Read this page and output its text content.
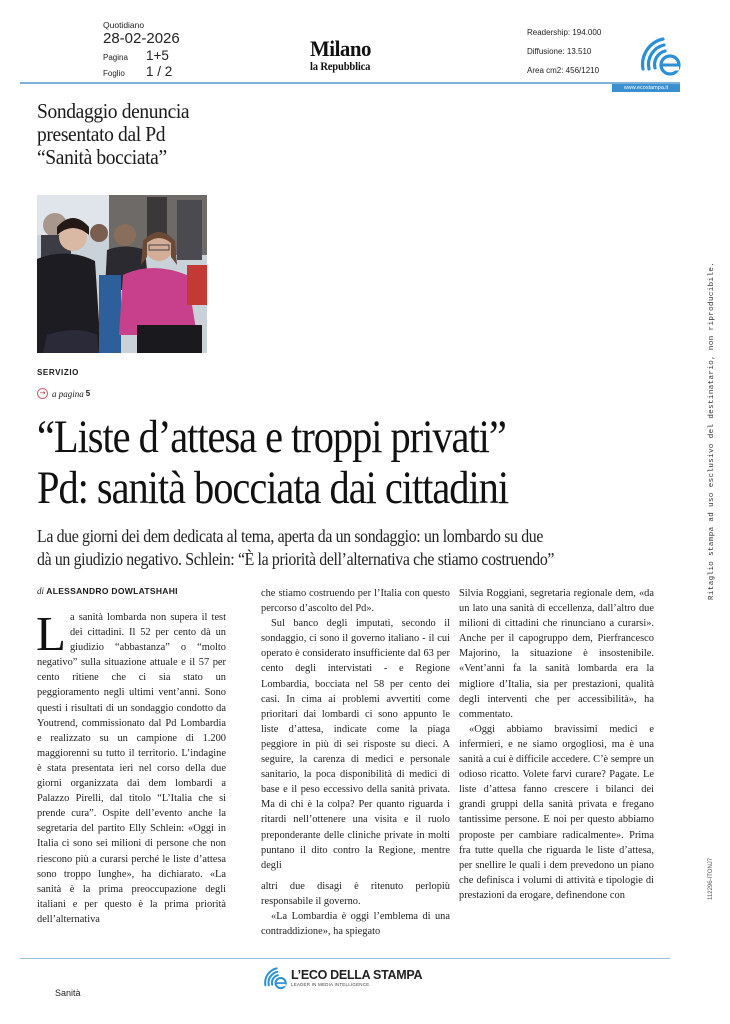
Quotidiano
28-02-2026
Pagina	1+5
Foglio	1 / 2
Milano
la Repubblica
Readership: 194.000
Diffusione: 13.510
Area cm2: 456/1210
www.ecostampa.it
Sondaggio denuncia
presentato dal Pd
“Sanità bocciata”
SERVIZIO
→ a pagina 5
“Liste d’attesa e troppi privati”
Pd: sanità bocciata dai cittadini
La due giorni dei dem dedicata al tema, aperta da un sondaggio: un lombardo su due
dà un giudizio negativo. Schlein: “È la priorità dell’alternativa che stiamo costruendo”
di ALESSANDRO DOWLATSHAHI

La sanità lombarda non supera il test dei cittadini. Il 52 per cento dà un giudizio “abbastanza” o “molto negativo” sulla situazione attuale e il 57 per cento ritiene che ci sia stato un peggioramento negli ultimi vent’anni. Sono questi i risultati di un sondaggio condotto da Youtrend, commissionato dal Pd Lombardia e realizzato su un campione di 1.200 maggiorenni su tutto il territorio. L’indagine è stata presentata ieri nel corso della due giorni organizzata dai dem lombardi a Palazzo Pirelli, dal titolo “L’Italia che si prende cura”. Ospite dell’evento anche la segretaria del partito Elly Schlein: «Oggi in Italia ci sono sei milioni di persone che non riescono più a curarsi perché le liste d’attesa sono troppo lunghe», ha dichiarato. «La sanità è la prima preoccupazione degli italiani e per questo è la prima priorità dell’alternativa

che stiamo costruendo per l’Italia con questo percorso d’ascolto del Pd».

Sul banco degli imputati, secondo il sondaggio, ci sono il governo italiano - il cui operato è considerato insufficiente dal 63 per cento degli intervistati - e Regione Lombardia, bocciata nel 58 per cento dei casi. In cima ai problemi avvertiti come prioritari dai lombardi ci sono appunto le liste d’attesa, indicate come la piaga peggiore in più di sei risposte su dieci. A seguire, la carenza di medici e personale sanitario, la poca disponibilità di medici di base e il peso eccessivo della sanità privata. Ma di chi è la colpa? Per quanto riguarda i ritardi nell’ottenere una visita e il ruolo preponderante delle cliniche private in molti puntano il dito contro la Regione, mentre degli

altri due disagi è ritenuto perlopiù responsabile il governo.

«La Lombardia è oggi l’emblema di una contraddizione», ha spiegato

Silvia Roggiani, segretaria regionale dem, «da un lato una sanità di eccellenza, dall’altro due milioni di cittadini che rinunciano a curarsi». Anche per il capogruppo dem, Pierfrancesco Majorino, la situazione è insostenibile. «Vent’anni fa la sanità lombarda era la migliore d’Italia, sia per prestazioni, qualità degli interventi che per accessibilità», ha commentato.

«Oggi abbiamo bravissimi medici e infermieri, e ne siamo orgogliosi, ma è una sanità a cui è difficile accedere. C’è sempre un odioso ricatto. Volete farvi curare? Pagate. Le liste d’attesa fanno crescere i bilanci dei grandi gruppi della sanità privata e fregano tantissime persone. E noi per questo abbiamo proposte per cambiare radicalmente». Prima fra tutte quella che riguarda le liste d’attesa, per snellire le quali i dem prevedono un piano che definisca i volumi di attività e tipologie di prestazioni da erogare, definendone con

Ritaglio stampa ad uso esclusivo del destinatario, non riproducibile.
112296-ITONJ7
L’ECO DELLA STAMPA
LEADER IN MEDIA INTELLIGENCE
Sanità
